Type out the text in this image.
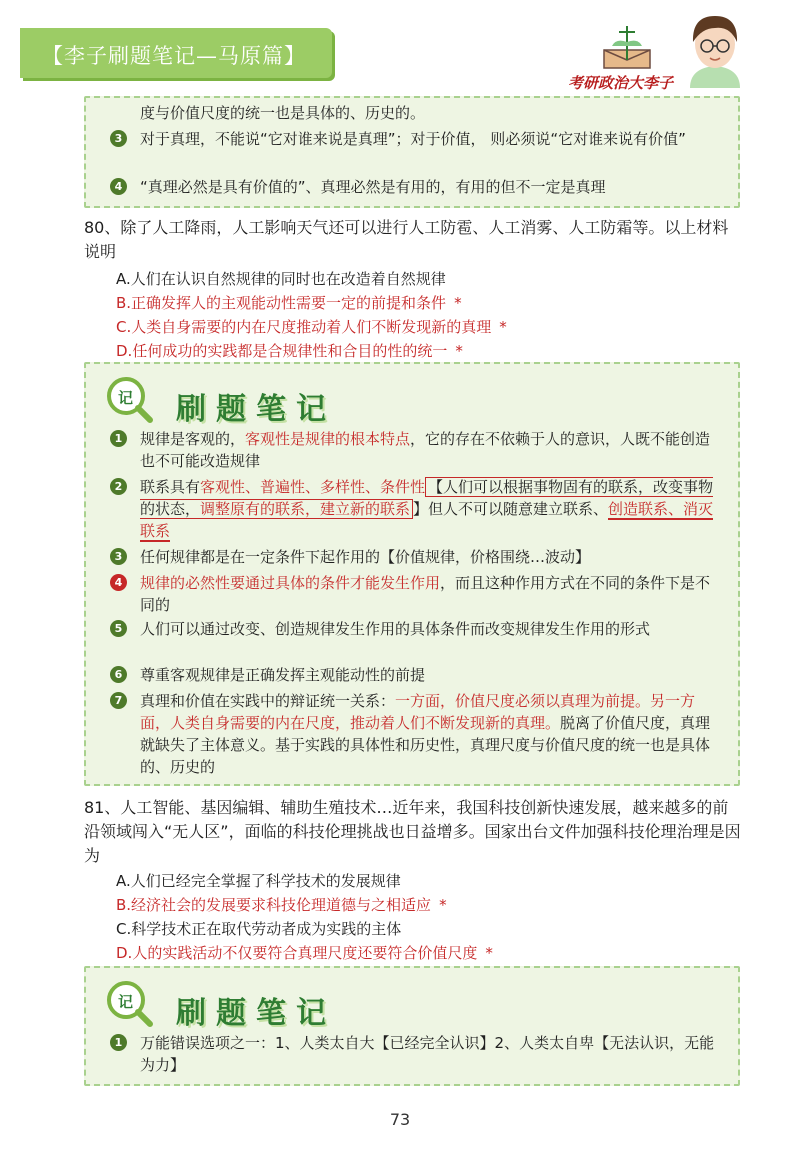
【李子刷题笔记—马原篇】
考研政治大李子
度与价值尺度的统一也是具体的、历史的。
3	对于真理，不能说“它对谁来说是真理”；对于价值， 则必须说“它对谁来说有价值”
4	“真理必然是具有价值的”、真理必然是有用的，有用的但不一定是真理
80、除了人工降雨，人工影响天气还可以进行人工防雹、人工消雾、人工防霜等。以上材料说明
A.人们在认识自然规律的同时也在改造着自然规律
B.正确发挥人的主观能动性需要一定的前提和条件 *
C.人类自身需要的内在尺度推动着人们不断发现新的真理 *
D.任何成功的实践都是合规律性和合目的性的统一 *
记 刷题笔记
1	规律是客观的，客观性是规律的根本特点，它的存在不依赖于人的意识，人既不能创造也不可能改造规律
2	联系具有客观性、普遍性、多样性、条件性 【人们可以根据事物固有的联系，改变事物的状态，调整原有的联系，建立新的联系 】但人不可以随意建立联系、创造联系、消灭联系
3	任何规律都是在一定条件下起作用的【价值规律，价格围绕…波动】
4	规律的必然性要通过具体的条件才能发生作用，而且这种作用方式在不同的条件下是不同的
5	人们可以通过改变、创造规律发生作用的具体条件而改变规律发生作用的形式
6	尊重客观规律是正确发挥主观能动性的前提
7	真理和价值在实践中的辩证统一关系：一方面，价值尺度必须以真理为前提。另一方面，人类自身需要的内在尺度，推动着人们不断发现新的真理。脱离了价值尺度，真理就缺失了主体意义。基于实践的具体性和历史性，真理尺度与价值尺度的统一也是具体的、历史的
81、人工智能、基因编辑、辅助生殖技术…近年来，我国科技创新快速发展，越来越多的前沿领域闯入“无人区”，面临的科技伦理挑战也日益增多。国家出台文件加强科技伦理治理是因为
A.人们已经完全掌握了科学技术的发展规律
B.经济社会的发展要求科技伦理道德与之相适应 *
C.科学技术正在取代劳动者成为实践的主体
D.人的实践活动不仅要符合真理尺度还要符合价值尺度 *
记 刷题笔记
1	万能错误选项之一：1、人类太自大【已经完全认识】2、人类太自卑【无法认识，无能为力】
73
